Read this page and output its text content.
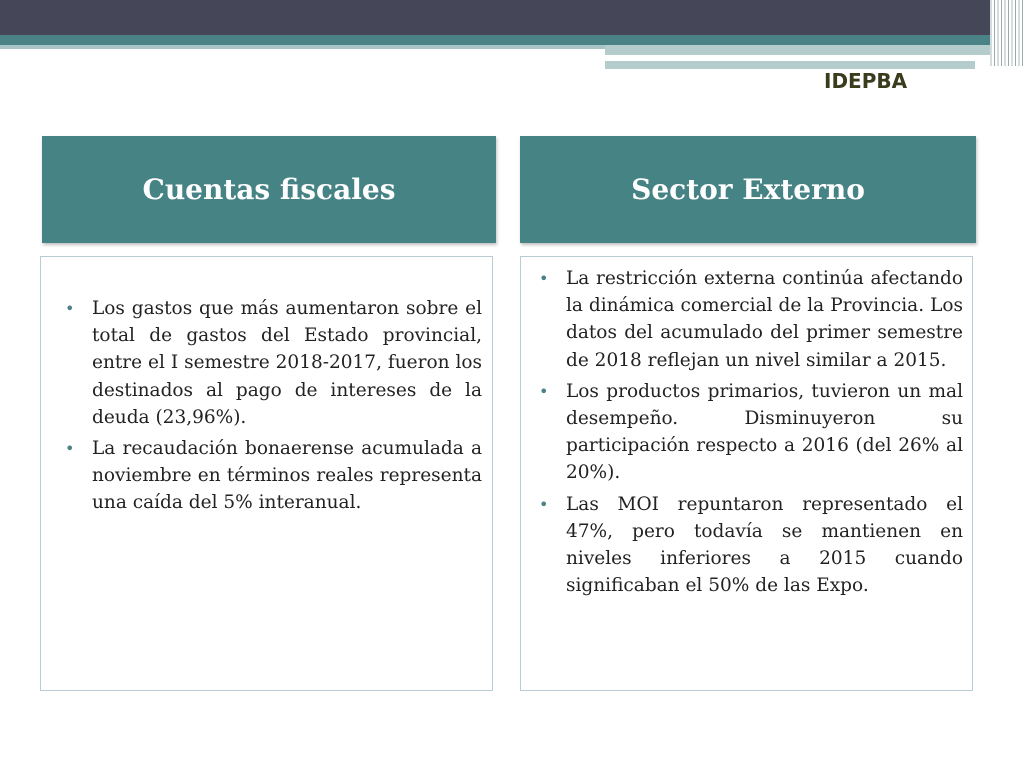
IDEPBA
Cuentas fiscales	Sector Externo
• Los gastos que más aumentaron sobre el total de gastos del Estado provincial, entre el I semestre 2018-2017, fueron los destinados al pago de intereses de la deuda (23,96%).
• La recaudación bonaerense acumulada a noviembre en términos reales representa una caída del 5% interanual.
• La restricción externa continúa afectando la dinámica comercial de la Provincia. Los datos del acumulado del primer semestre de 2018 reflejan un nivel similar a 2015.
• Los productos primarios, tuvieron un mal desempeño. Disminuyeron su participación respecto a 2016 (del 26% al 20%).
• Las MOI repuntaron representado el 47%, pero todavía se mantienen en niveles inferiores a 2015 cuando significaban el 50% de las Expo.
